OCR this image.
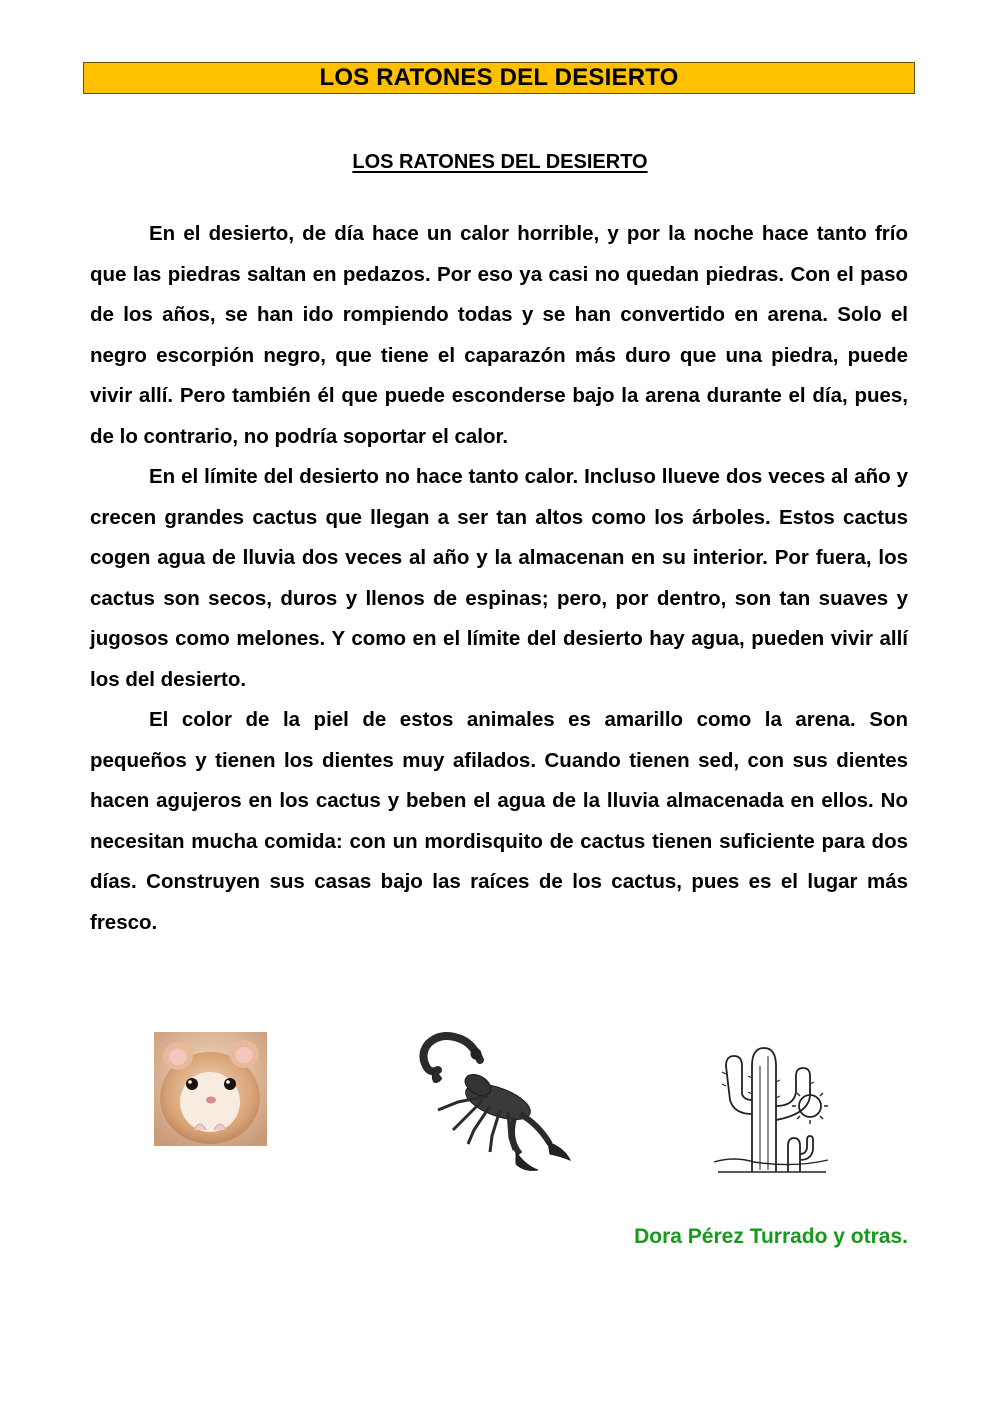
LOS RATONES DEL DESIERTO
LOS RATONES DEL DESIERTO

En el desierto, de día hace un calor horrible, y por la noche hace tanto frío que las piedras saltan en pedazos. Por eso ya casi no quedan piedras. Con el paso de los años, se han ido rompiendo todas y se han convertido en arena. Solo el negro escorpión negro, que tiene el caparazón más duro que una piedra, puede vivir allí. Pero también él que puede esconderse bajo la arena durante el día, pues, de lo contrario, no podría soportar el calor.

En el límite del desierto no hace tanto calor. Incluso llueve dos veces al año y crecen grandes cactus que llegan a ser tan altos como los árboles. Estos cactus cogen agua de lluvia dos veces al año y la almacenan en su interior. Por fuera, los cactus son secos, duros y llenos de espinas; pero, por dentro, son tan suaves y jugosos como melones. Y como en el límite del desierto hay agua, pueden vivir allí los del desierto.

El color de la piel de estos animales es amarillo como la arena. Son pequeños y tienen los dientes muy afilados. Cuando tienen sed, con sus dientes hacen agujeros en los cactus y beben el agua de la lluvia almacenada en ellos. No necesitan mucha comida: con un mordisquito de cactus tienen suficiente para dos días. Construyen sus casas bajo las raíces de los cactus, pues es el lugar más fresco.

Dora Pérez Turrado y otras.
